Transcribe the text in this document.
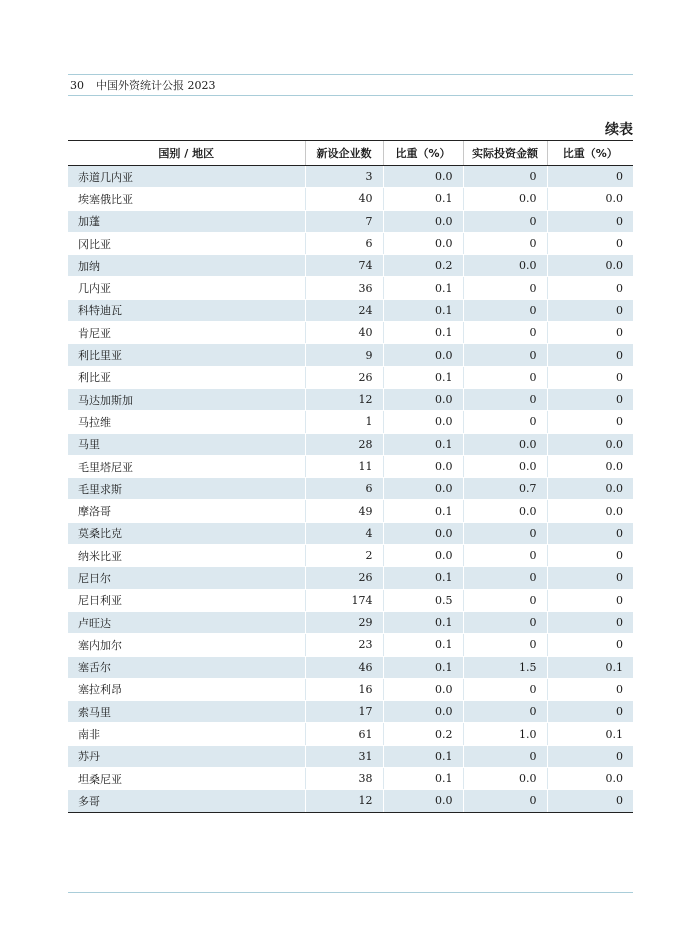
30 中国外资统计公报 2023
续表
国别 / 地区	新设企业数	比重（%）	实际投资金额	比重（%）
赤道几内亚	3	0.0	0	0
埃塞俄比亚	40	0.1	0.0	0.0
加蓬	7	0.0	0	0
冈比亚	6	0.0	0	0
加纳	74	0.2	0.0	0.0
几内亚	36	0.1	0	0
科特迪瓦	24	0.1	0	0
肯尼亚	40	0.1	0	0
利比里亚	9	0.0	0	0
利比亚	26	0.1	0	0
马达加斯加	12	0.0	0	0
马拉维	1	0.0	0	0
马里	28	0.1	0.0	0.0
毛里塔尼亚	11	0.0	0.0	0.0
毛里求斯	6	0.0	0.7	0.0
摩洛哥	49	0.1	0.0	0.0
莫桑比克	4	0.0	0	0
纳米比亚	2	0.0	0	0
尼日尔	26	0.1	0	0
尼日利亚	174	0.5	0	0
卢旺达	29	0.1	0	0
塞内加尔	23	0.1	0	0
塞舌尔	46	0.1	1.5	0.1
塞拉利昂	16	0.0	0	0
索马里	17	0.0	0	0
南非	61	0.2	1.0	0.1
苏丹	31	0.1	0	0
坦桑尼亚	38	0.1	0.0	0.0
多哥	12	0.0	0	0
